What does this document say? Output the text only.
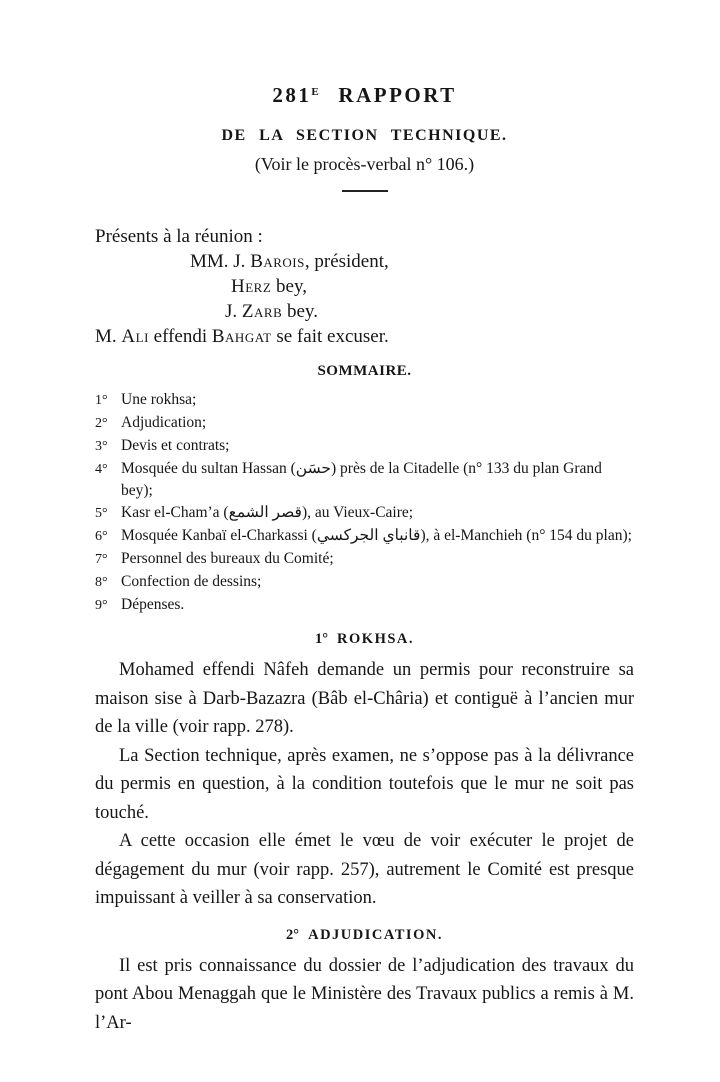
$281^E$ RAPPORT
DE LA SECTION TECHNIQUE.

(Voir le procès-verbal n° 106.)

Présents à la réunion :

MM. J. Barois, président,

Herz bey,

J. Zarb bey.

M. Ali effendi Bahgat se fait excuser.

SOMMAIRE.
1° Une rokhsa;
2° Adjudication;
3° Devis et contrats;
4° Mosquée du sultan Hassan (حسَن) près de la Citadelle (n° 133 du plan Grand bey);
5° Kasr el-Cham’a (قصر الشمع), au Vieux-Caire;
6° Mosquée Kanbaï el-Charkassi (قانباي الجركسي), à el-Manchieh (n° 154 du plan);
7° Personnel des bureaux du Comité;
8° Confection de dessins;
9° Dépenses.
1° ROKHSA.

Mohamed effendi Nâfeh demande un permis pour reconstruire sa maison sise à Darb-Bazazra (Bâb el-Châria) et contiguë à l’ancien mur de la ville (voir rapp. 278).

La Section technique, après examen, ne s’oppose pas à la délivrance du permis en question, à la condition toutefois que le mur ne soit pas touché.

A cette occasion elle émet le vœu de voir exécuter le projet de dégagement du mur (voir rapp. 257), autrement le Comité est presque impuissant à veiller à sa conservation.

2° ADJUDICATION.

Il est pris connaissance du dossier de l’adjudication des travaux du pont Abou Menaggah que le Ministère des Travaux publics a remis à M. l’Ar-
